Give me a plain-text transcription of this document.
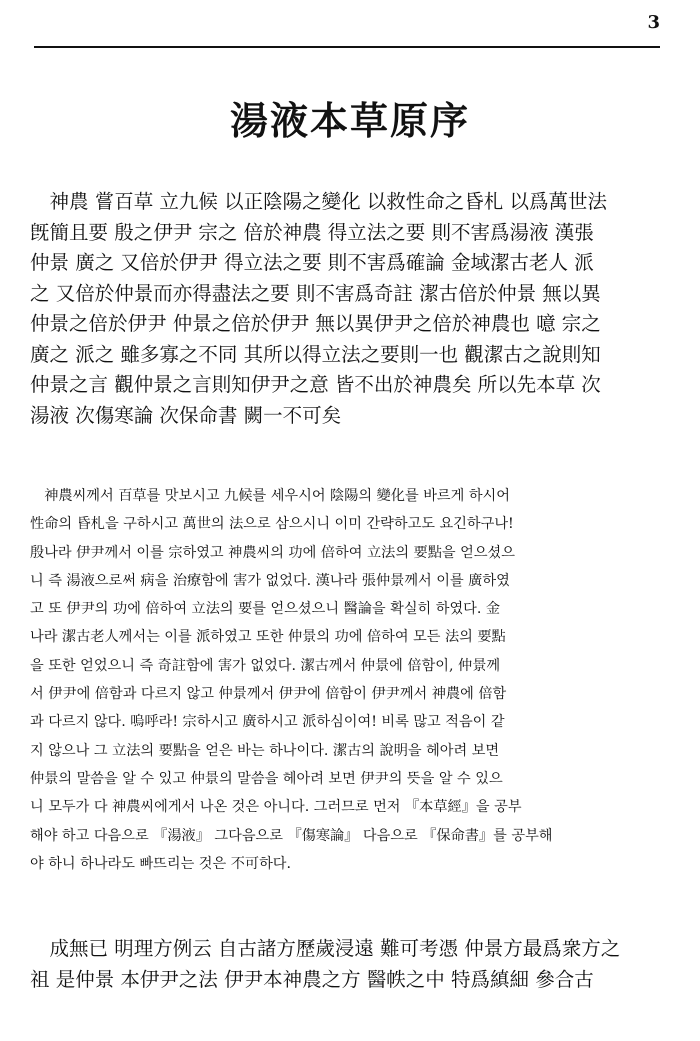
3
湯液本草原序
　神農 嘗百草 立九候 以正陰陽之變化 以救性命之昏札 以爲萬世法
旣簡且要 殷之伊尹 宗之 倍於神農 得立法之要 則不害爲湯液 漢張
仲景 廣之 又倍於伊尹 得立法之要 則不害爲確論 金域潔古老人 派
之 又倍於仲景而亦得盡法之要 則不害爲奇註 潔古倍於仲景 無以異
仲景之倍於伊尹 仲景之倍於伊尹 無以異伊尹之倍於神農也 噫 宗之
廣之 派之 雖多寡之不同 其所以得立法之要則一也 觀潔古之說則知
仲景之言 觀仲景之言則知伊尹之意 皆不出於神農矣 所以先本草 次
湯液 次傷寒論 次保命書 闕一不可矣
　神農씨께서 百草를 맛보시고 九候를 세우시어 陰陽의 變化를 바르게 하시어
性命의 昏札을 구하시고 萬世의 法으로 삼으시니 이미 간략하고도 요긴하구나!
殷나라 伊尹께서 이를 宗하였고 神農씨의 功에 倍하여 立法의 要點을 얻으셨으
니 즉 湯液으로써 病을 治療함에 害가 없었다. 漢나라 張仲景께서 이를 廣하였
고 또 伊尹의 功에 倍하여 立法의 要를 얻으셨으니 醫論을 확실히 하였다. 金
나라 潔古老人께서는 이를 派하였고 또한 仲景의 功에 倍하여 모든 法의 要點
을 또한 얻었으니 즉 奇註함에 害가 없었다. 潔古께서 仲景에 倍함이, 仲景께
서 伊尹에 倍함과 다르지 않고 仲景께서 伊尹에 倍함이 伊尹께서 神農에 倍함
과 다르지 않다. 嗚呼라! 宗하시고 廣하시고 派하심이여! 비록 많고 적음이 같
지 않으나 그 立法의 要點을 얻은 바는 하나이다. 潔古의 說明을 헤아려 보면
仲景의 말씀을 알 수 있고 仲景의 말씀을 헤아려 보면 伊尹의 뜻을 알 수 있으
니 모두가 다 神農씨에게서 나온 것은 아니다. 그러므로 먼저 『本草經』을 공부
해야 하고 다음으로 『湯液』 그다음으로 『傷寒論』 다음으로 『保命書』를 공부해
야 하니 하나라도 빠뜨리는 것은 不可하다.
　成無已 明理方例云 自古諸方歷歲浸遠 難可考憑 仲景方最爲衆方之
祖 是仲景 本伊尹之法 伊尹本神農之方 醫帙之中 特爲縝細 參合古
